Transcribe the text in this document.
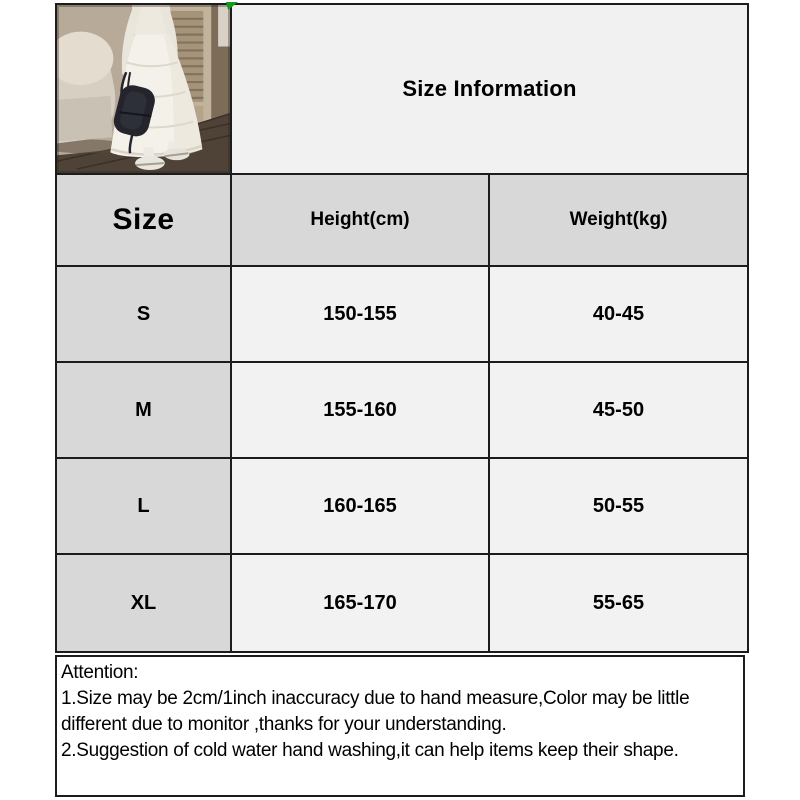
Size Information
Size	Height(cm)	Weight(kg)
S	150-155	40-45
M	155-160	45-50
L	160-165	50-55
XL	165-170	55-65
Attention:
1.Size may be 2cm/1inch inaccuracy due to hand measure,Color may be little
different due to monitor ,thanks for your understanding.
2.Suggestion of cold water hand washing,it can help items keep their shape.
